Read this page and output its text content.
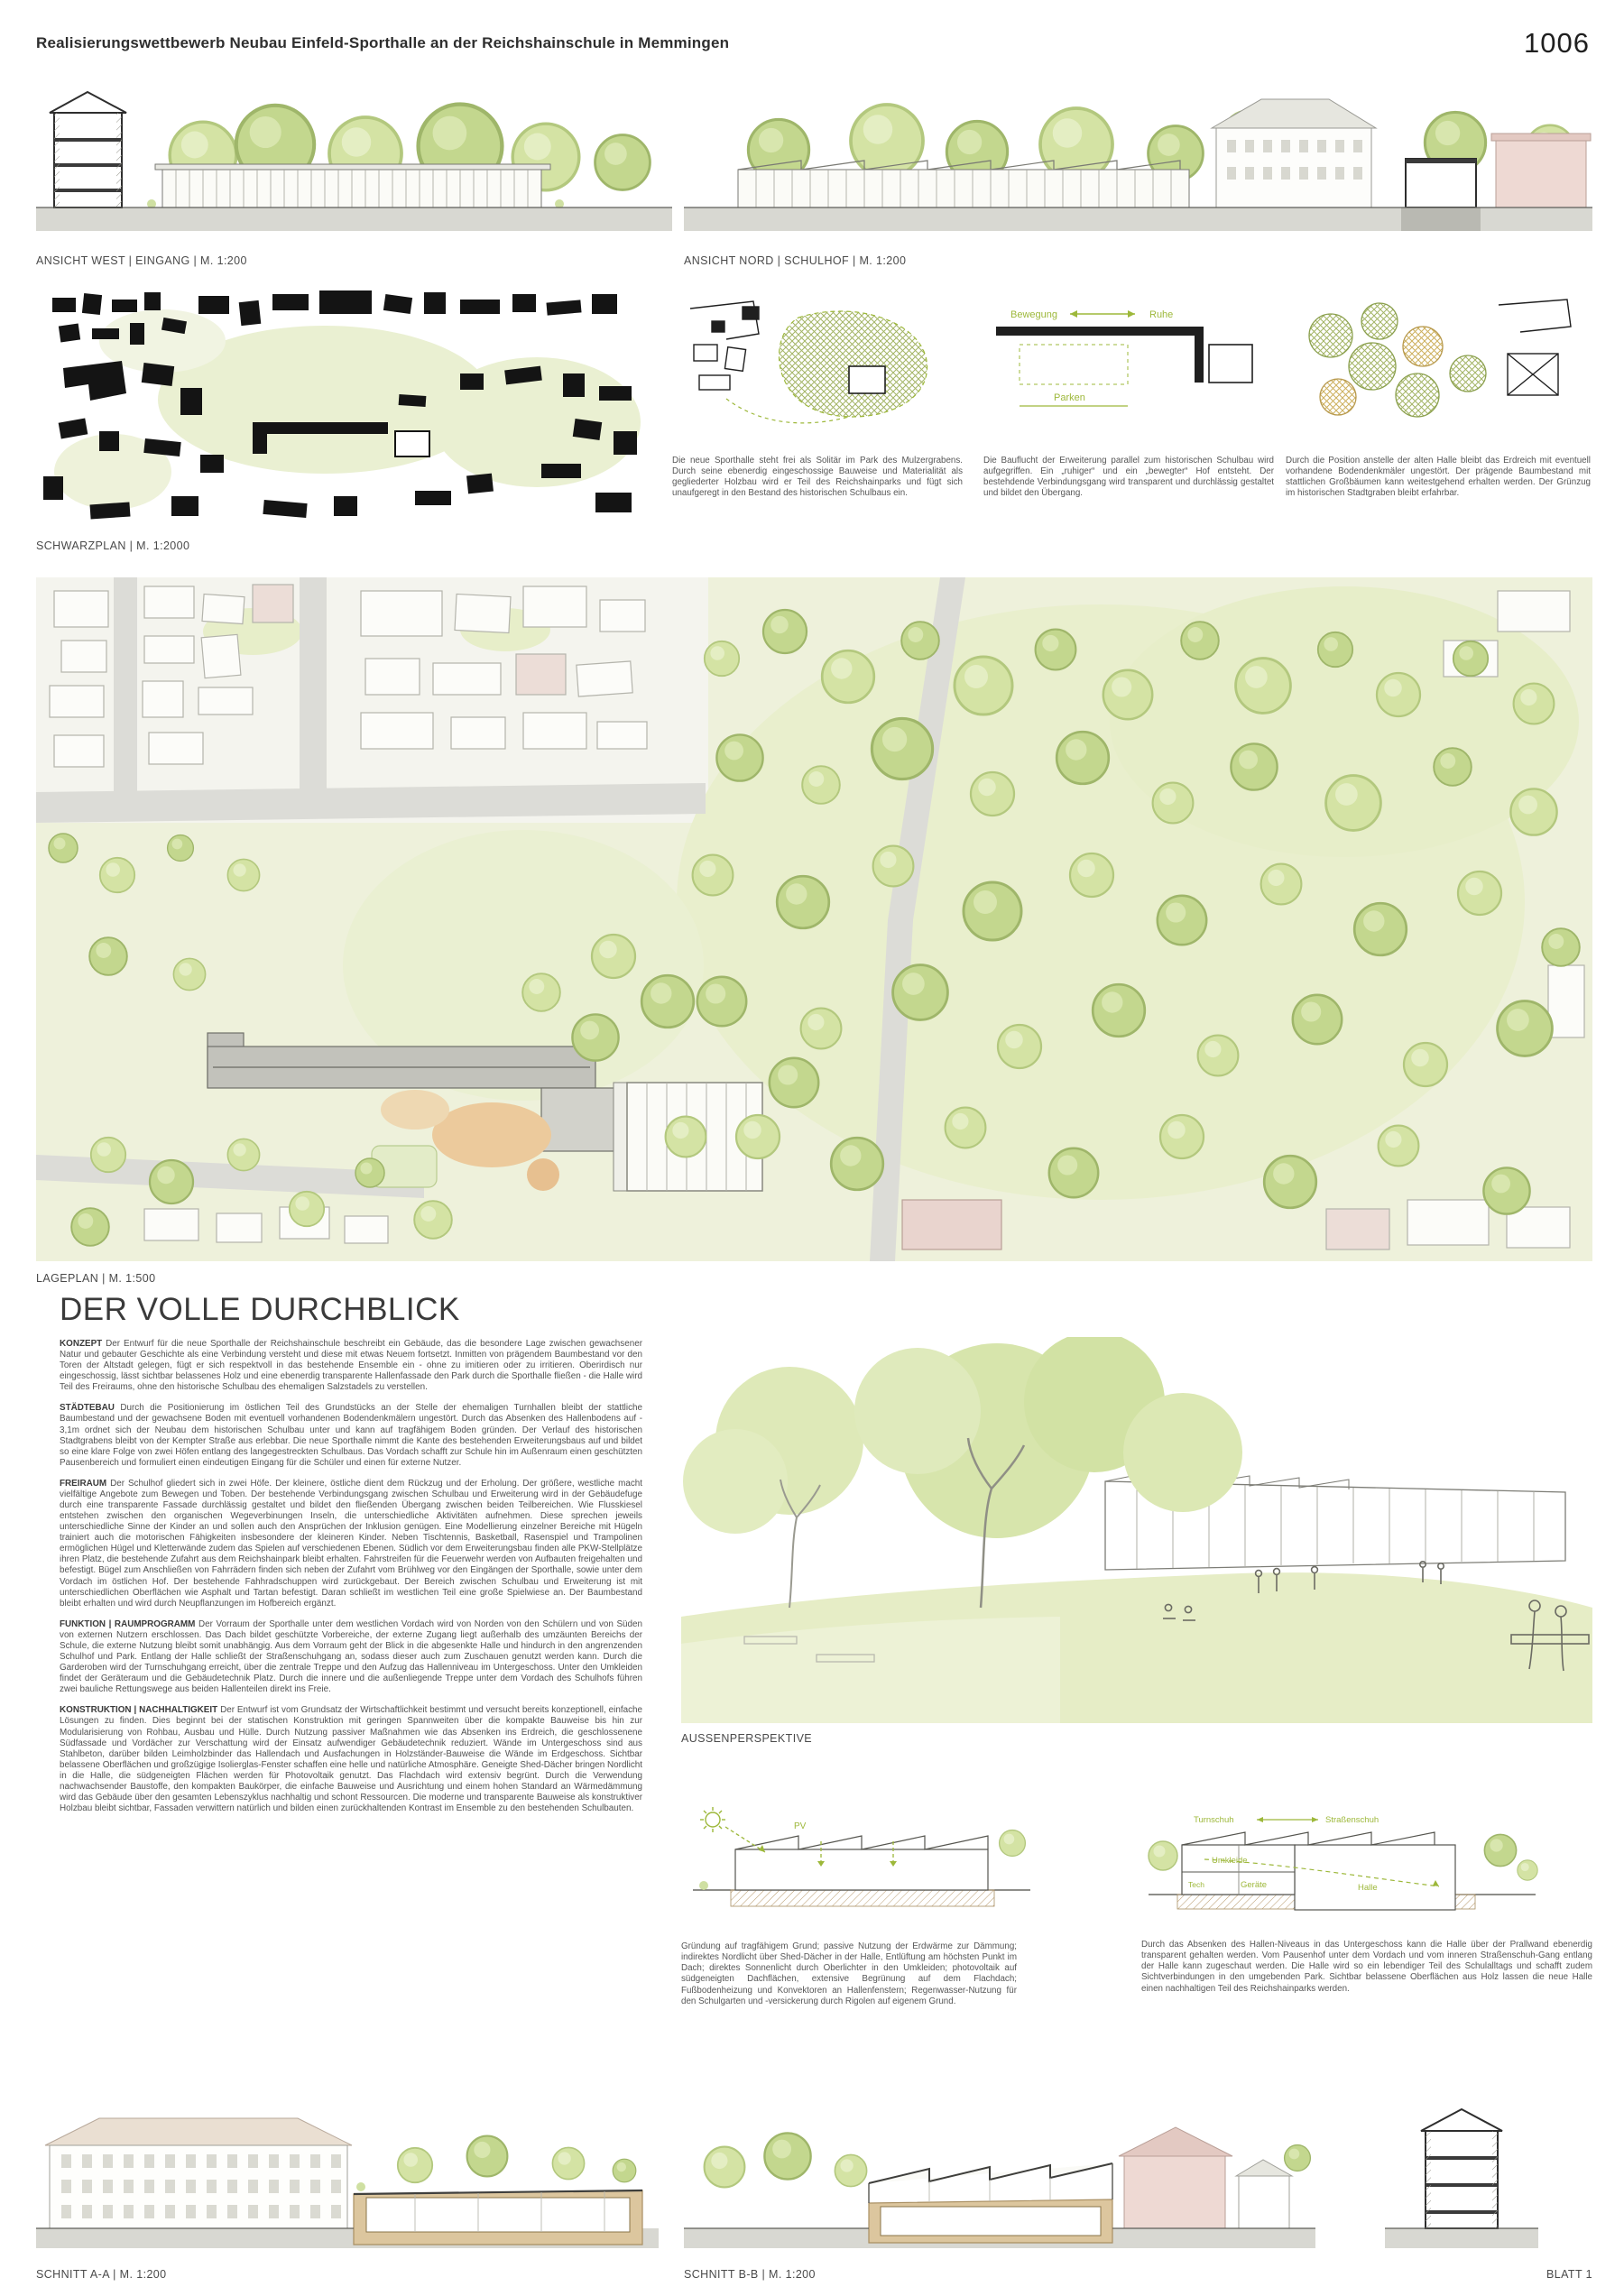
Realisierungswettbewerb Neubau Einfeld-Sporthalle an der Reichshainschule in Memmingen	1006
ANSICHT WEST | EINGANG | M. 1:200	ANSICHT NORD | SCHULHOF | M. 1:200
SCHWARZPLAN | M. 1:2000
Bewegung	Ruhe
Parken
Die neue Sporthalle steht frei als Solitär im Park des Mulzergrabens. Durch seine ebenerdig eingeschossige Bauweise und Materialität als gegliederter Holzbau wird er Teil des Reichshainparks und fügt sich unaufgeregt in den Bestand des historischen Schulbaus ein.
Die Bauflucht der Erweiterung parallel zum historischen Schulbau wird aufgegriffen. Ein „ruhiger“ und ein „bewegter“ Hof entsteht. Der bestehdende Verbindungsgang wird transparent und durchlässig gestaltet und bildet den Übergang.
Durch die Position anstelle der alten Halle bleibt das Erdreich mit eventuell vorhandene Bodendenkmäler ungestört. Der prägende Baumbestand mit stattlichen Großbäumen kann weitestgehend erhalten werden. Der Grünzug im historischen Stadtgraben bleibt erfahrbar.
LAGEPLAN | M. 1:500
DER VOLLE DURCHBLICK

KONZEPT Der Entwurf für die neue Sporthalle der Reichshainschule beschreibt ein Gebäude, das die besondere Lage zwischen gewachsener Natur und gebauter Geschichte als eine Verbindung versteht und diese mit etwas Neuem fortsetzt. Inmitten von prägendem Baumbestand vor den Toren der Altstadt gelegen, fügt er sich respektvoll in das bestehende Ensemble ein - ohne zu imitieren oder zu irritieren. Oberirdisch nur eingeschossig, lässt sichtbar belassenes Holz und eine ebenerdig transparente Hallenfassade den Park durch die Sporthalle fließen - die Halle wird Teil des Freiraums, ohne den historische Schulbau des ehemaligen Salzstadels zu verstellen.

STÄDTEBAU Durch die Positionierung im östlichen Teil des Grundstücks an der Stelle der ehemaligen Turnhallen bleibt der stattliche Baumbestand und der gewachsene Boden mit eventuell vorhandenen Bodendenkmälern ungestört. Durch das Absenken des Hallenbodens auf - 3,1m ordnet sich der Neubau dem historischen Schulbau unter und kann auf tragfähigem Boden gründen. Der Verlauf des historischen Stadtgrabens bleibt von der Kempter Straße aus erlebbar. Die neue Sporthalle nimmt die Kante des bestehenden Erweiterungsbaus auf und bildet so eine klare Folge von zwei Höfen entlang des langegestreckten Schulbaus. Das Vordach schafft zur Schule hin im Außenraum einen geschützten Pausenbereich und formuliert einen eindeutigen Eingang für die Schüler und einen für externe Nutzer.

FREIRAUM Der Schulhof gliedert sich in zwei Höfe. Der kleinere, östliche dient dem Rückzug und der Erholung. Der größere, westliche macht vielfältige Angebote zum Bewegen und Toben. Der bestehende Verbindungsgang zwischen Schulbau und Erweiterung wird in der Gebäudefuge durch eine transparente Fassade durchlässig gestaltet und bildet den fließenden Übergang zwischen beiden Teilbereichen. Wie Flusskiesel entstehen zwischen den organischen Wegeverbinungen Inseln, die unterschiedliche Aktivitäten aufnehmen. Diese sprechen jeweils unterschiedliche Sinne der Kinder an und sollen auch den Ansprüchen der Inklusion genügen. Eine Modellierung einzelner Bereiche mit Hügeln trainiert auch die motorischen Fähigkeiten insbesondere der kleineren Kinder. Neben Tischtennis, Basketball, Rasenspiel und Trampolinen ermöglichen Hügel und Kletterwände zudem das Spielen auf verschiedenen Ebenen. Südlich vor dem Erweiterungsbau finden alle PKW-Stellplätze ihren Platz, die bestehende Zufahrt aus dem Reichshainpark bleibt erhalten. Fahrstreifen für die Feuerwehr werden von Aufbauten freigehalten und befestigt. Bügel zum Anschließen von Fahrrädern finden sich neben der Zufahrt vom Brühlweg vor den Eingängen der Sporthalle, sowie unter dem Vordach im östlichen Hof. Der bestehende Fahhradschuppen wird zurückgebaut. Der Bereich zwischen Schulbau und Erweiterung ist mit unterschiedlichen Oberflächen wie Asphalt und Tartan befestigt. Daran schließt im westlichen Teil eine große Spielwiese an. Der Baumbestand bleibt erhalten und wird durch Neupflanzungen im Hofbereich ergänzt.

FUNKTION | RAUMPROGRAMM Der Vorraum der Sporthalle unter dem westlichen Vordach wird von Norden von den Schülern und von Süden von externen Nutzern erschlossen. Das Dach bildet geschützte Vorbereiche, der externe Zugang liegt außerhalb des umzäunten Bereichs der Schule, die externe Nutzung bleibt somit unabhängig. Aus dem Vorraum geht der Blick in die abgesenkte Halle und hindurch in den angrenzenden Schulhof und Park. Entlang der Halle schließt der Straßenschuhgang an, sodass dieser auch zum Zuschauen genutzt werden kann. Durch die Garderoben wird der Turnschuhgang erreicht, über die zentrale Treppe und den Aufzug das Hallenniveau im Untergeschoss. Unter den Umkleiden findet der Geräteraum und die Gebäudetechnik Platz. Durch die innere und die außenliegende Treppe unter dem Vordach des Schulhofs führen zwei bauliche Rettungswege aus beiden Hallenteilen direkt ins Freie.

KONSTRUKTION | NACHHALTIGKEIT Der Entwurf ist vom Grundsatz der Wirtschaftlichkeit bestimmt und versucht bereits konzeptionell, einfache Lösungen zu finden. Dies beginnt bei der statischen Konstruktion mit geringen Spannweiten über die kompakte Bauweise bis hin zur Modularisierung von Rohbau, Ausbau und Hülle. Durch Nutzung passiver Maßnahmen wie das Absenken ins Erdreich, die geschlossenene Südfassade und Vordächer zur Verschattung wird der Einsatz aufwendiger Gebäudetechnik reduziert. Wände im Untergeschoss sind aus Stahlbeton, darüber bilden Leimholzbinder das Hallendach und Ausfachungen in Holzständer-Bauweise die Wände im Erdgeschoss. Sichtbar belassene Oberflächen und großzügige Isolierglas-Fenster schaffen eine helle und natürliche Atmosphäre. Geneigte Shed-Dächer bringen Nordlicht in die Halle, die südgeneigten Flächen werden für Photovoltaik genutzt. Das Flachdach wird extensiv begrünt. Durch die Verwendung nachwachsender Baustoffe, den kompakten Baukörper, die einfache Bauweise und Ausrichtung und einem hohen Standard an Wärmedämmung wird das Gebäude über den gesamten Lebenszyklus nachhaltig und schont Ressourcen. Die moderne und transparente Bauweise als konstruktiver Holzbau bleibt sichtbar, Fassaden verwittern natürlich und bilden einen zurückhaltenden Kontrast im Ensemble zu den bestehenden Schulbauten.

AUSSENPERSPEKTIVE
PV
Turnschuh	Straßenschuh
Umkleide
Tech	Geräte	Halle
Gründung auf tragfähigem Grund; passive Nutzung der Erdwärme zur Dämmung; indirektes Nordlicht über Shed-Dächer in der Halle, Entlüftung am höchsten Punkt im Dach; direktes Sonnenlicht durch Oberlichter in den Umkleiden; photovoltaik auf südgeneigten Dachflächen, extensive Begrünung auf dem Flachdach; Fußbodenheizung und Konvektoren an Hallenfenstern; Regenwasser-Nutzung für den Schulgarten und -versickerung durch Rigolen auf eigenem Grund.
Durch das Absenken des Hallen-Niveaus in das Untergeschoss kann die Halle über der Prallwand ebenerdig transparent gehalten werden. Vom Pausenhof unter dem Vordach und vom inneren Straßenschuh-Gang entlang der Halle kann zugeschaut werden. Die Halle wird so ein lebendiger Teil des Schulalltags und schafft zudem Sichtverbindungen in den umgebenden Park. Sichtbar belassene Oberflächen aus Holz lassen die neue Halle einen nachhaltigen Teil des Reichshainparks werden.
SCHNITT A-A | M. 1:200	SCHNITT B-B | M. 1:200	BLATT 1
